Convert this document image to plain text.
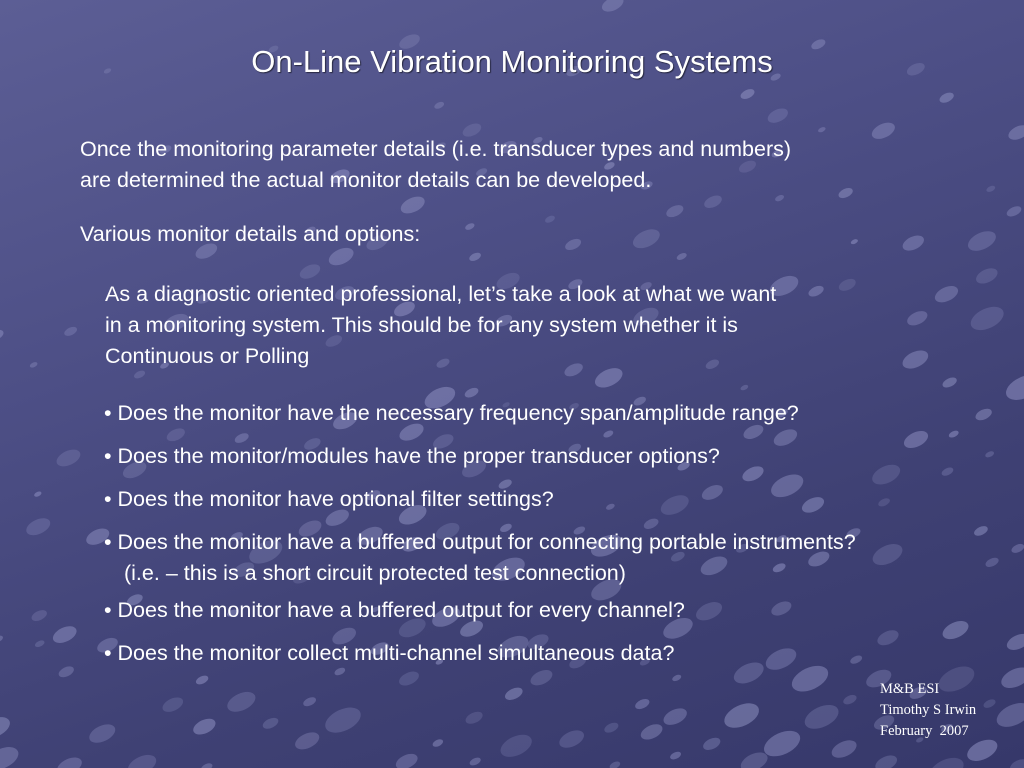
On-Line Vibration Monitoring Systems

Once the monitoring parameter details (i.e. transducer types and numbers)
are determined the actual monitor details can be developed.

Various monitor details and options:

As a diagnostic oriented professional, let’s take a look at what we want
in a monitoring system. This should be for any system whether it is
Continuous or Polling

• Does the monitor have the necessary frequency span/amplitude range?
• Does the monitor/modules have the proper transducer options?
• Does the monitor have optional filter settings?
• Does the monitor have a buffered output for connecting portable instruments?
(i.e. – this is a short circuit protected test connection)
• Does the monitor have a buffered output for every channel?
• Does the monitor collect multi-channel simultaneous data?
M&B ESI
Timothy S Irwin
February  2007
